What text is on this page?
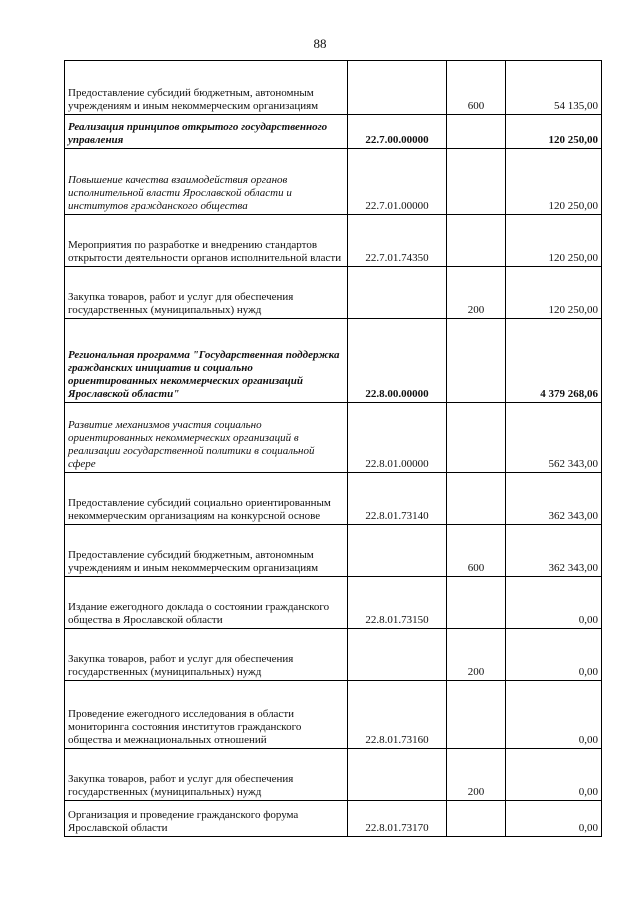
88
Предоставление субсидий бюджетным, автономным учреждениям и иным некоммерческим организациям		600	54 135,00
Реализация принципов открытого государственного управления	22.7.00.00000		120 250,00
Повышение качества взаимодействия органов исполнительной власти Ярославской области и институтов гражданского общества	22.7.01.00000		120 250,00
Мероприятия по разработке и внедрению стандартов открытости деятельности органов исполнительной власти	22.7.01.74350		120 250,00
Закупка товаров, работ и услуг для обеспечения государственных (муниципальных) нужд		200	120 250,00
Региональная программа "Государственная поддержка гражданских инициатив и социально ориентированных некоммерческих организаций Ярославской области"	22.8.00.00000		4 379 268,06
Развитие механизмов участия социально ориентированных некоммерческих организаций в реализации государственной политики в социальной сфере	22.8.01.00000		562 343,00
Предоставление субсидий социально ориентированным некоммерческим организациям на конкурсной основе	22.8.01.73140		362 343,00
Предоставление субсидий бюджетным, автономным учреждениям и иным некоммерческим организациям		600	362 343,00
Издание ежегодного доклада о состоянии гражданского общества в Ярославской области	22.8.01.73150		0,00
Закупка товаров, работ и услуг для обеспечения государственных (муниципальных) нужд		200	0,00
Проведение ежегодного исследования в области мониторинга состояния институтов гражданского общества и межнациональных отношений	22.8.01.73160		0,00
Закупка товаров, работ и услуг для обеспечения государственных (муниципальных) нужд		200	0,00
Организация и проведение гражданского форума Ярославской области	22.8.01.73170		0,00
